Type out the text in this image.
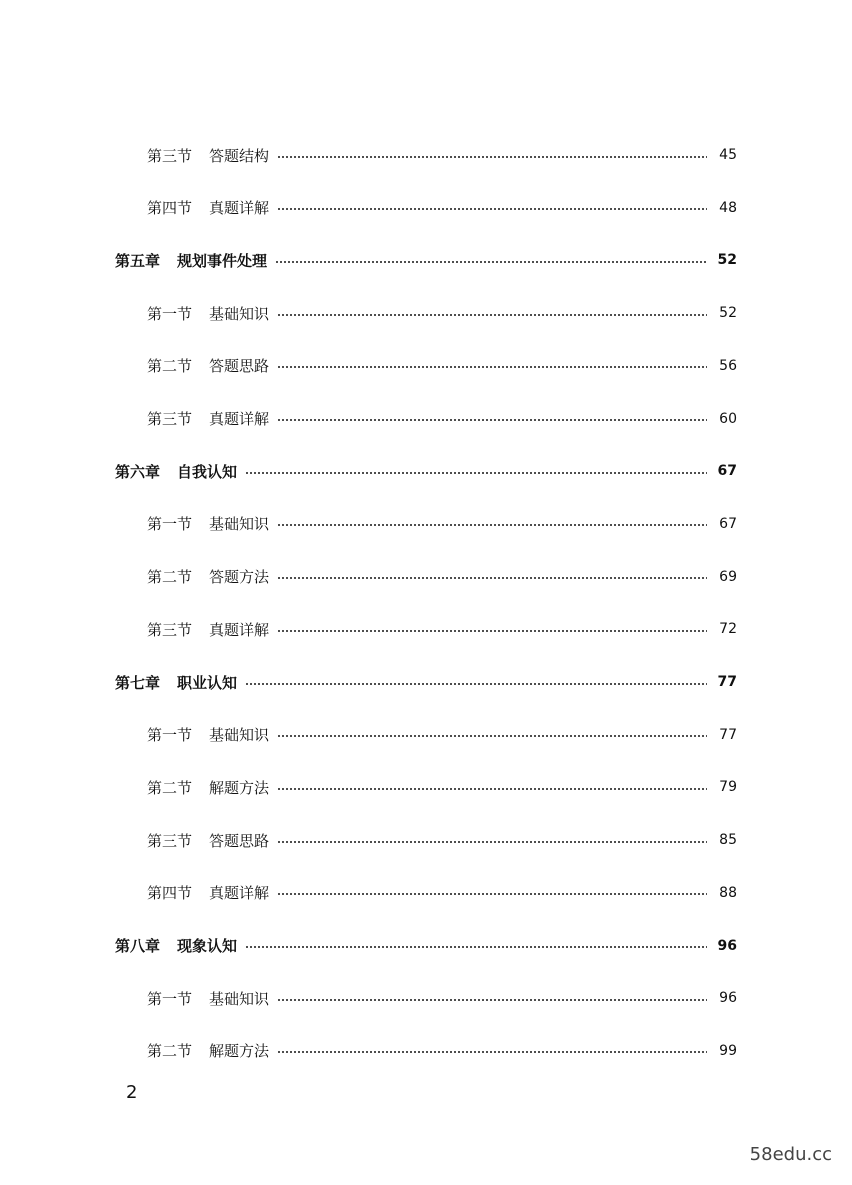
第三节 答题结构	45
第四节 真题详解	48
第五章 规划事件处理	52
第一节 基础知识	52
第二节 答题思路	56
第三节 真题详解	60
第六章 自我认知	67
第一节 基础知识	67
第二节 答题方法	69
第三节 真题详解	72
第七章 职业认知	77
第一节 基础知识	77
第二节 解题方法	79
第三节 答题思路	85
第四节 真题详解	88
第八章 现象认知	96
第一节 基础知识	96
第二节 解题方法	99
2
58edu.cc
